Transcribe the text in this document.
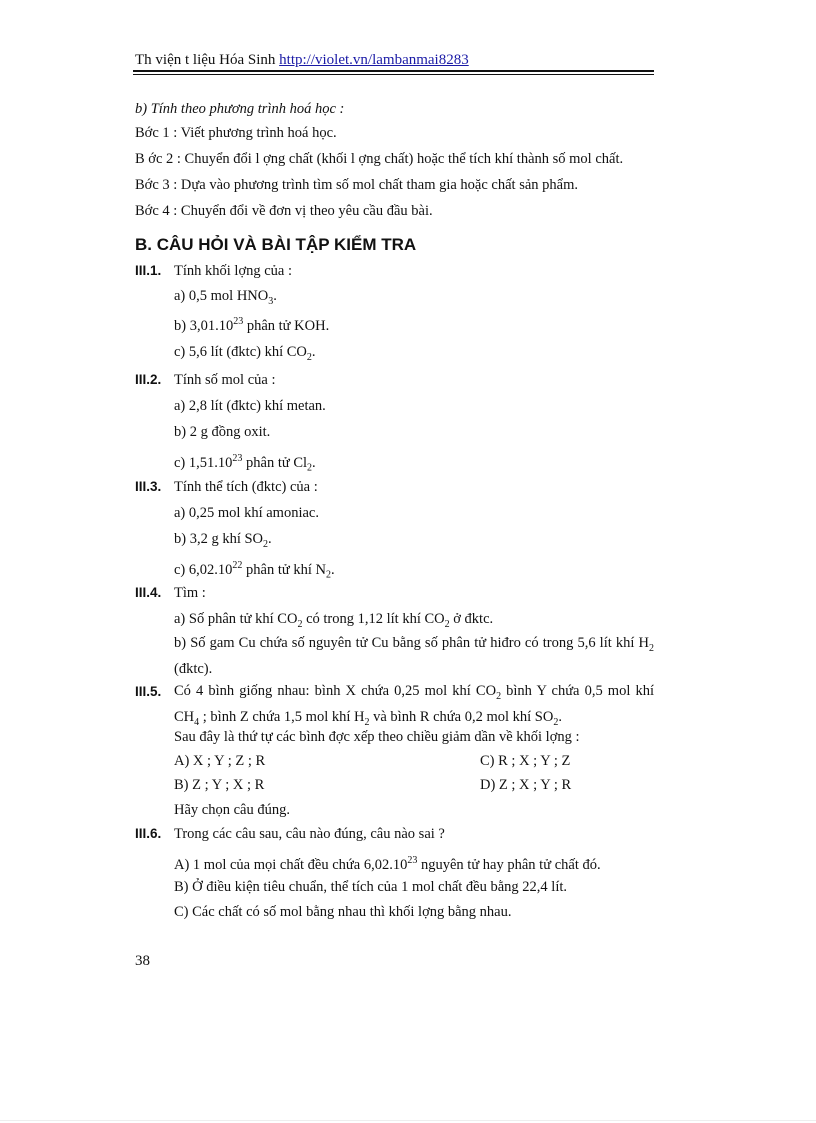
Th viện t liệu Hóa Sinh http://violet.vn/lambanmai8283
b) Tính theo phương trình hoá học :
Bớc 1 : Viết phương trình hoá học.
B ớc 2 : Chuyển đổi l ợng chất (khối l ợng chất) hoặc thể tích khí thành số mol chất.
Bớc 3 : Dựa vào phương trình tìm số mol chất tham gia hoặc chất sản phẩm.
Bớc 4 : Chuyển đổi về đơn vị theo yêu cầu đầu bài.
B. CÂU HỎI VÀ BÀI TẬP KIỂM TRA
III.1. Tính khối lợng của :
a) 0,5 mol $HNO_3$.
b) 3,01.10$^{23}$ phân tử KOH.
c) 5,6 lít (đktc) khí $CO_2$.
III.2. Tính số mol của :
a) 2,8 lít (đktc) khí metan.
b) 2 g đồng oxit.
c) 1,51.10$^{23}$ phân tử $Cl_2$.
III.3. Tính thể tích (đktc) của :
a) 0,25 mol khí amoniac.
b) 3,2 g khí $SO_2$.
c) 6,02.10$^{22}$ phân tử khí $N_2$.
III.4. Tìm :
a) Số phân tử khí $CO_2$ có trong 1,12 lít khí $CO_2$ ở đktc.
b) Số gam Cu chứa số nguyên tử Cu bằng số phân tử hiđro có trong 5,6 lít khí $H_2$ (đktc).
III.5. Có 4 bình giống nhau: bình X chứa 0,25 mol khí $CO_2$ bình Y chứa 0,5 mol khí $CH_4$ ; bình Z chứa 1,5 mol khí $H_2$ và bình R chứa 0,2 mol khí $SO_2$.
Sau đây là thứ tự các bình đợc xếp theo chiều giảm dần về khối lợng :
A) X ; Y ; Z ; R	C) R ; X ; Y ; Z
B) Z ; Y ; X ; R	D) Z ; X ; Y ; R
Hãy chọn câu đúng.
III.6. Trong các câu sau, câu nào đúng, câu nào sai ?
A) 1 mol của mọi chất đều chứa 6,02.10$^{23}$ nguyên tử hay phân tử chất đó.
B) Ở điều kiện tiêu chuẩn, thể tích của 1 mol chất đều bằng 22,4 lít.
C) Các chất có số mol bằng nhau thì khối lợng bằng nhau.
38
